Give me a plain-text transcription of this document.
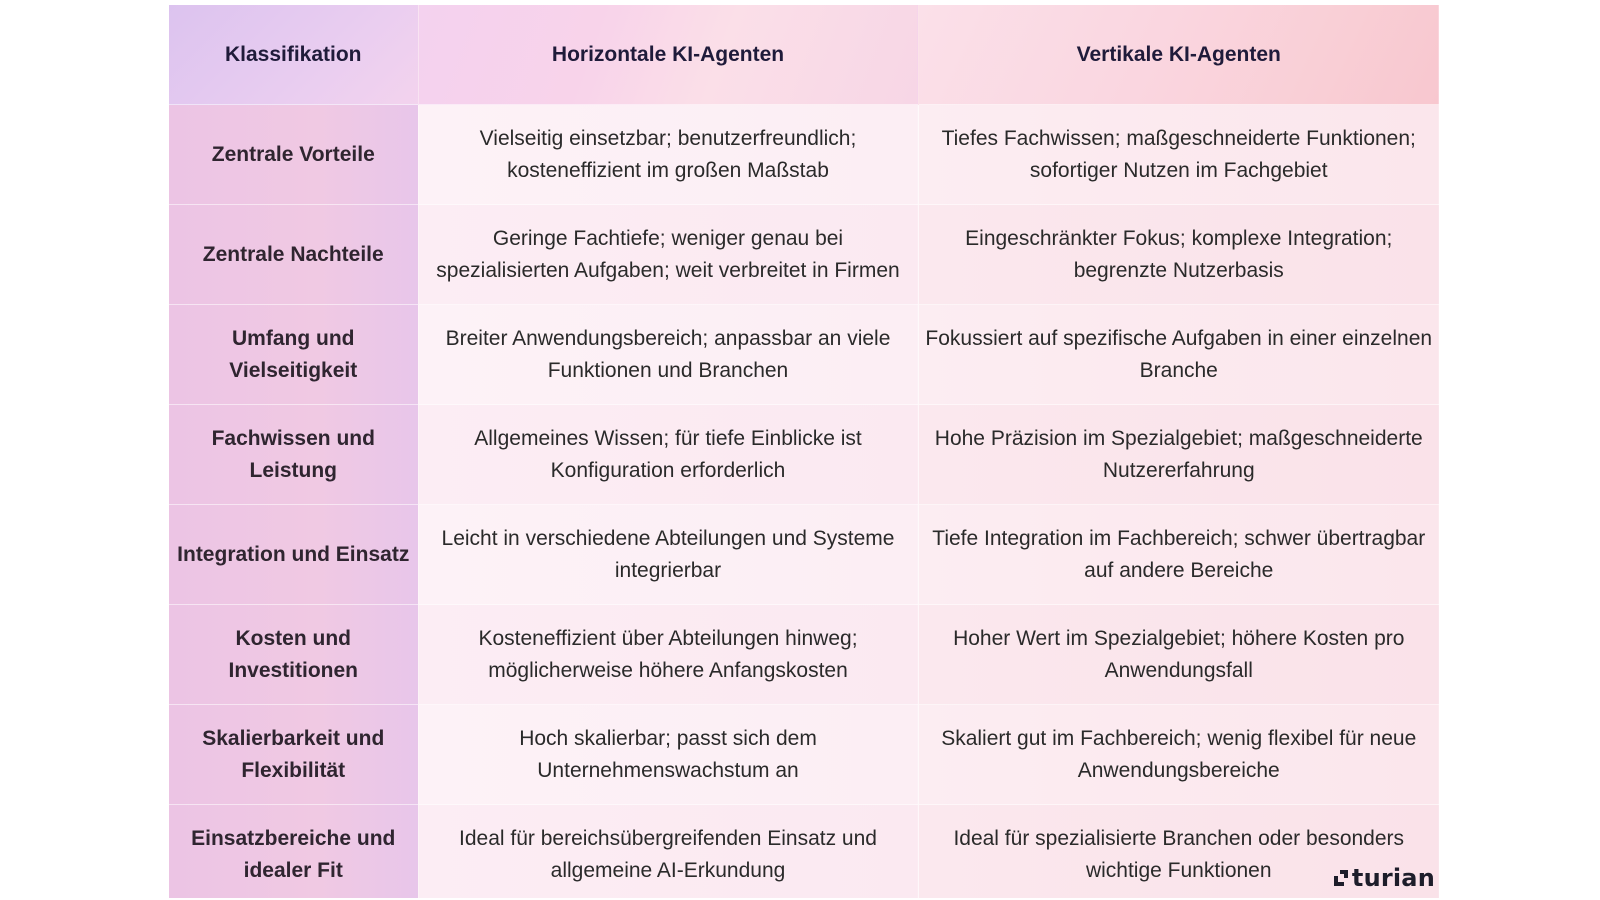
Klassifikation	Horizontale KI-Agenten	Vertikale KI-Agenten
Zentrale Vorteile	Vielseitig einsetzbar; benutzerfreundlich; kosteneffizient im großen Maßstab	Tiefes Fachwissen; maßgeschneiderte Funktionen; sofortiger Nutzen im Fachgebiet
Zentrale Nachteile	Geringe Fachtiefe; weniger genau bei spezialisierten Aufgaben; weit verbreitet in Firmen	Eingeschränkter Fokus; komplexe Integration; begrenzte Nutzerbasis
Umfang und Vielseitigkeit	Breiter Anwendungsbereich; anpassbar an viele Funktionen und Branchen	Fokussiert auf spezifische Aufgaben in einer einzelnen Branche
Fachwissen und Leistung	Allgemeines Wissen; für tiefe Einblicke ist Konfiguration erforderlich	Hohe Präzision im Spezialgebiet; maßgeschneiderte Nutzererfahrung
Integration und Einsatz	Leicht in verschiedene Abteilungen und Systeme integrierbar	Tiefe Integration im Fachbereich; schwer übertragbar auf andere Bereiche
Kosten und Investitionen	Kosteneffizient über Abteilungen hinweg; möglicherweise höhere Anfangskosten	Hoher Wert im Spezialgebiet; höhere Kosten pro Anwendungsfall
Skalierbarkeit und Flexibilität	Hoch skalierbar; passt sich dem Unternehmenswachstum an	Skaliert gut im Fachbereich; wenig flexibel für neue Anwendungsbereiche
Einsatzbereiche und idealer Fit	Ideal für bereichsübergreifenden Einsatz und allgemeine AI-Erkundung	Ideal für spezialisierte Branchen oder besonders wichtige Funktionen	turian
